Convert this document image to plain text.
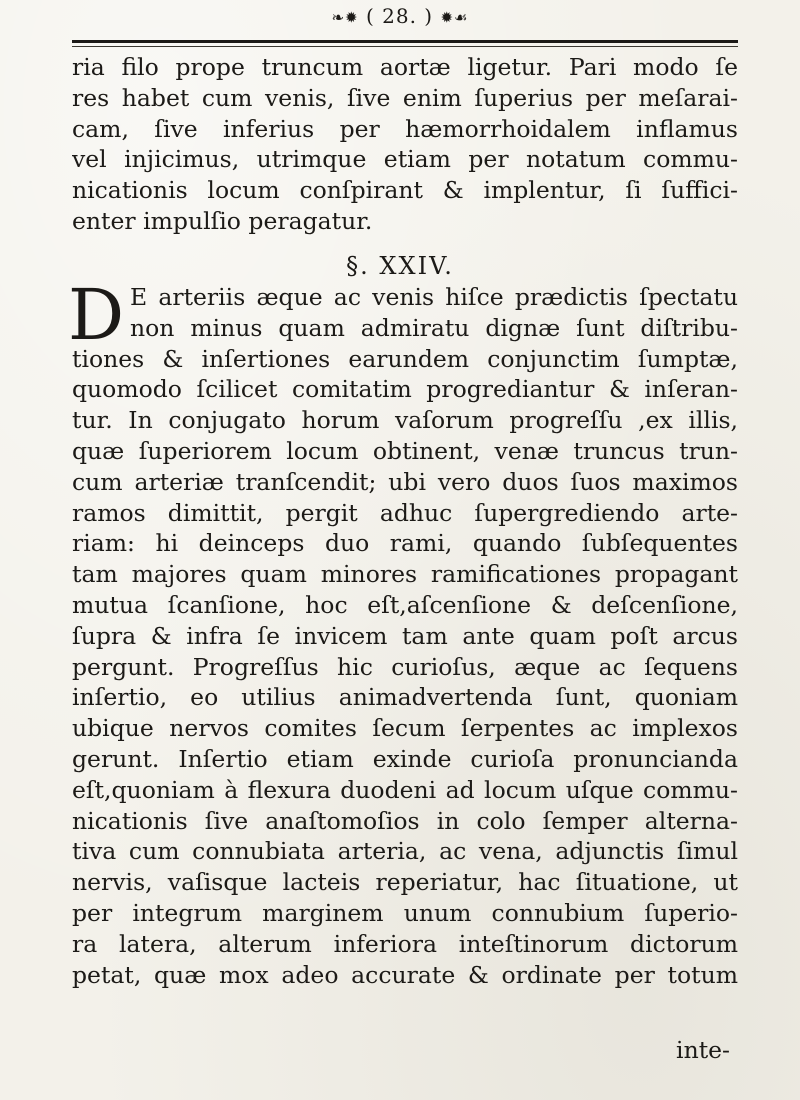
❧✹ ( 28. ) ✹☙
ria filo prope truncum aortæ ligetur. Pari modo ſe
res habet cum venis, ſive enim ſuperius per meſarai-
cam, ſive inferius per hæmorrhoidalem inflamus
vel injicimus, utrimque etiam per notatum commu-
nicationis locum conſpirant & implentur, ſi ſuffici-
enter impulſio peragatur.
§. XXIV.
D E arteriis æque ac venis hiſce prædictis ſpectatu
non minus quam admiratu dignæ ſunt diſtribu-
tiones & inſertiones earundem conjunctim ſumptæ,
quomodo ſcilicet comitatim progrediantur & inſeran-
tur. In conjugato horum vaſorum progreſſu ,ex illis,
quæ ſuperiorem locum obtinent, venæ truncus trun-
cum arteriæ tranſcendit; ubi vero duos ſuos maximos
ramos dimittit, pergit adhuc ſupergrediendo arte-
riam: hi deinceps duo rami, quando ſubſequentes
tam majores quam minores ramificationes propagant
mutua ſcanſione, hoc eſt,aſcenſione & deſcenſione,
ſupra & infra ſe invicem tam ante quam poſt arcus
pergunt. Progreſſus hic curioſus, æque ac ſequens
inſertio, eo utilius animadvertenda ſunt, quoniam
ubique nervos comites ſecum ſerpentes ac implexos
gerunt. Inſertio etiam exinde curioſa pronuncianda
eſt,quoniam à flexura duodeni ad locum uſque commu-
nicationis ſive anaſtomoſios in colo ſemper alterna-
tiva cum connubiata arteria, ac vena, adjunctis ſimul
nervis, vaſisque lacteis reperiatur, hac ſituatione, ut
per integrum marginem unum connubium ſuperio-
ra latera, alterum inferiora inteſtinorum dictorum
petat, quæ mox adeo accurate & ordinate per totum
inte-
